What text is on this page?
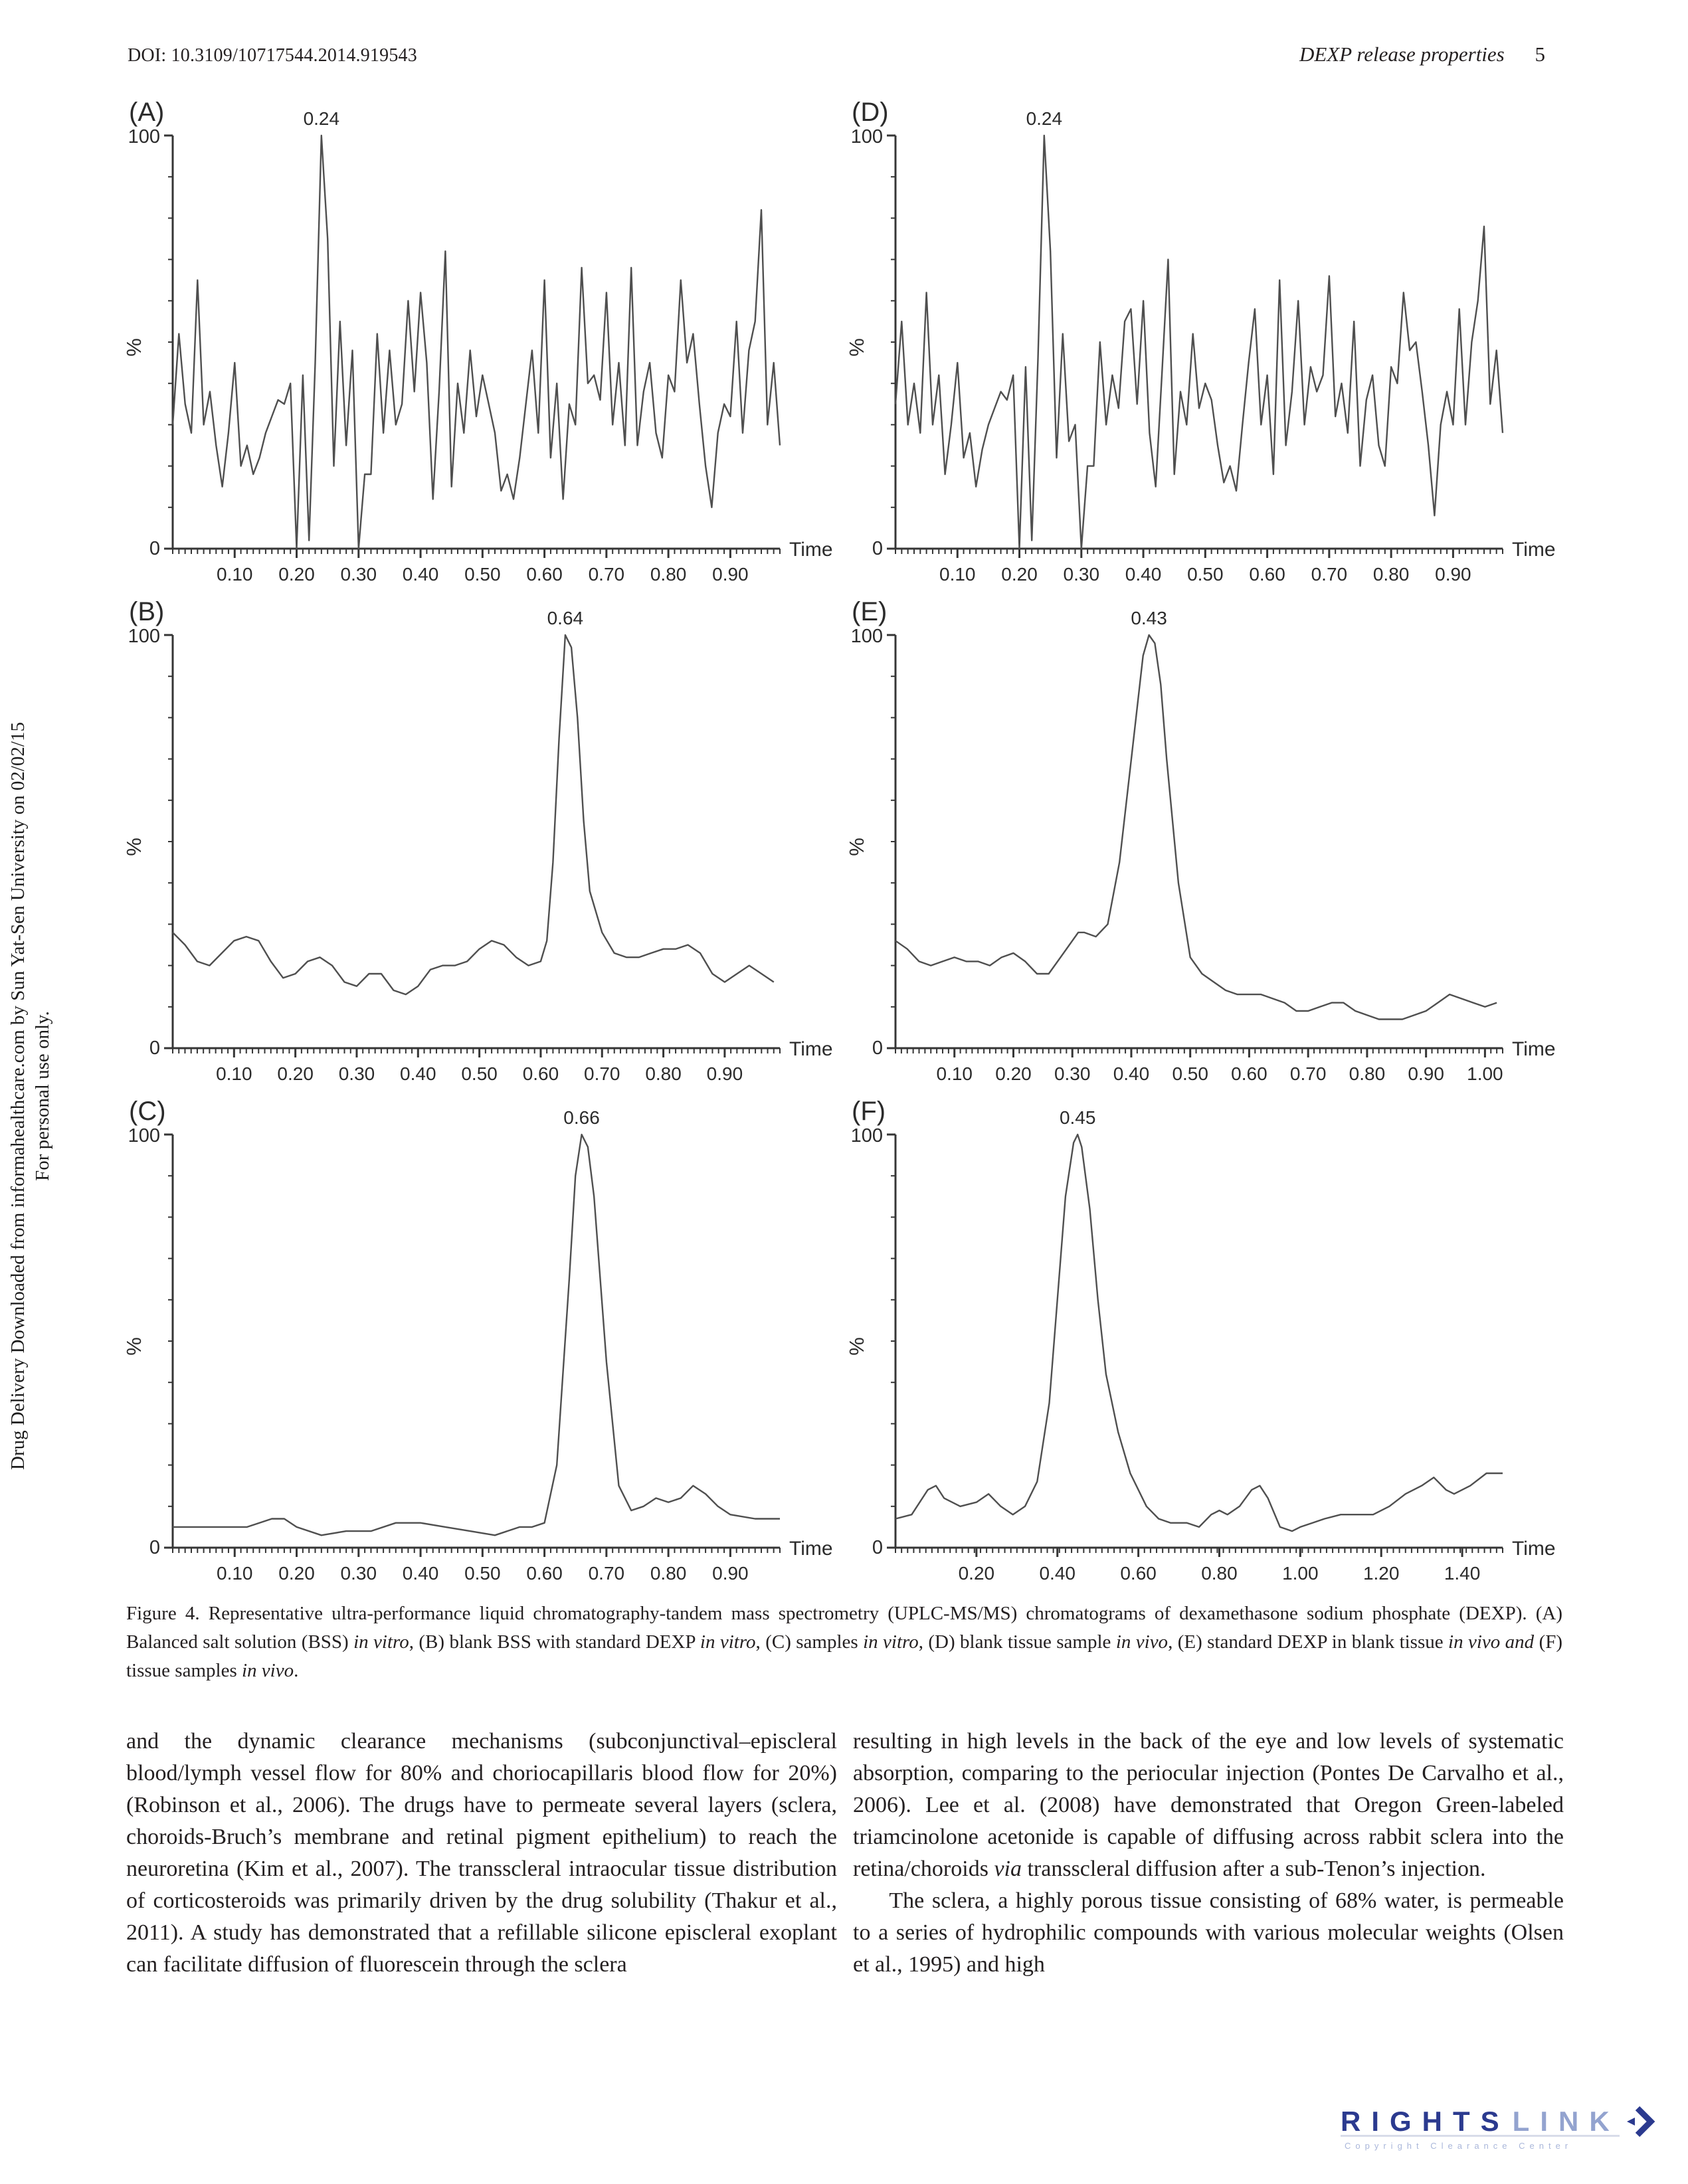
DOI: 10.3109/10717544.2014.919543	DEXP release properties 5
Drug Delivery Downloaded from informahealthcare.com by Sun Yat-Sen University on 02/02/15 For personal use only.
(A)
100
0
%
0.10 0.20 0.30 0.40 0.50 0.60 0.70 0.80 0.90
Time
0.24	(D)
100
0
%
0.10 0.20 0.30 0.40 0.50 0.60 0.70 0.80 0.90
Time
0.24
(B)
100
0
%
0.10 0.20 0.30 0.40 0.50 0.60 0.70 0.80 0.90
Time
0.64	(E)
100
0
%
0.10 0.20 0.30 0.40 0.50 0.60 0.70 0.80 0.90 1.00
Time
0.43
(C)
100
0
%
0.10 0.20 0.30 0.40 0.50 0.60 0.70 0.80 0.90
Time
0.66	(F)
100
0
%
0.20 0.40 0.60 0.80 1.00 1.20 1.40
Time
0.45
Figure 4. Representative ultra-performance liquid chromatography-tandem mass spectrometry (UPLC-MS/MS) chromatograms of dexamethasone sodium phosphate (DEXP). (A) Balanced salt solution (BSS) in vitro, (B) blank BSS with standard DEXP in vitro, (C) samples in vitro, (D) blank tissue sample in vivo, (E) standard DEXP in blank tissue in vivo and (F) tissue samples in vivo.

and the dynamic clearance mechanisms (subconjunctival–episcleral blood/lymph vessel flow for 80% and choriocapillaris blood flow for 20%) (Robinson et al., 2006). The drugs have to permeate several layers (sclera, choroids-Bruch’s membrane and retinal pigment epithelium) to reach the neuroretina (Kim et al., 2007). The transscleral intraocular tissue distribution of corticosteroids was primarily driven by the drug solubility (Thakur et al., 2011). A study has demonstrated that a refillable silicone episcleral exoplant can facilitate diffusion of fluorescein through the sclera

resulting in high levels in the back of the eye and low levels of systematic absorption, comparing to the periocular injection (Pontes De Carvalho et al., 2006). Lee et al. (2008) have demonstrated that Oregon Green-labeled triamcinolone acetonide is capable of diffusing across rabbit sclera into the retina/choroids via transscleral diffusion after a sub-Tenon’s injection.

The sclera, a highly porous tissue consisting of 68% water, is permeable to a series of hydrophilic compounds with various molecular weights (Olsen et al., 1995) and high

RIGHTS LINK
Copyright Clearance Center
